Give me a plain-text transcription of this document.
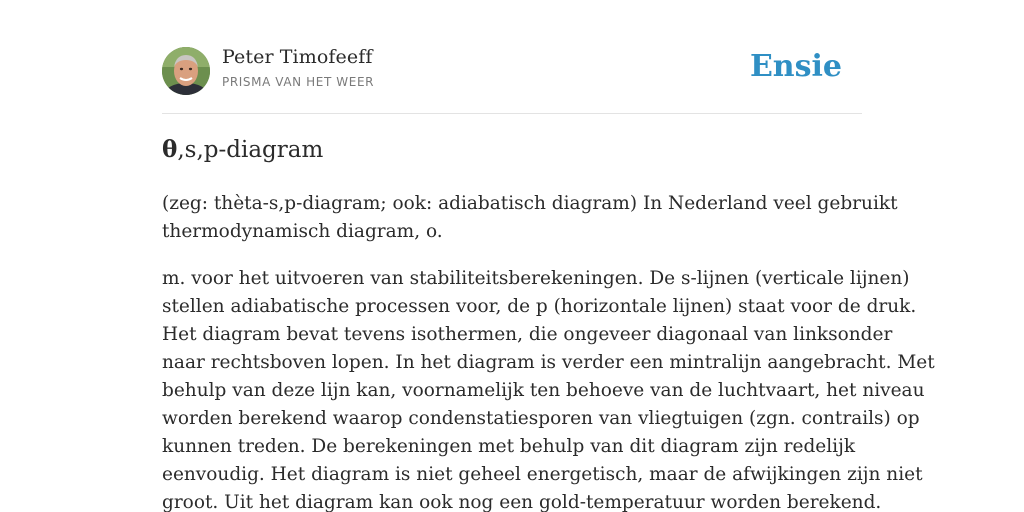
Peter Timofeeff
PRISMA VAN HET WEER	Ensie
θ,s,p-diagram

(zeg: thèta-s,p-diagram; ook: adiabatisch diagram) In Nederland veel gebruikt
thermodynamisch diagram, o.

m. voor het uitvoeren van stabiliteitsberekeningen. De s-lijnen (verticale lijnen)
stellen adiabatische processen voor, de p (horizontale lijnen) staat voor de druk.
Het diagram bevat tevens isothermen, die ongeveer diagonaal van linksonder
naar rechtsboven lopen. In het diagram is verder een mintralijn aangebracht. Met
behulp van deze lijn kan, voornamelijk ten behoeve van de luchtvaart, het niveau
worden berekend waarop condenstatiesporen van vliegtuigen (zgn. contrails) op
kunnen treden. De berekeningen met behulp van dit diagram zijn redelijk
eenvoudig. Het diagram is niet geheel energetisch, maar de afwijkingen zijn niet
groot. Uit het diagram kan ook nog een gold-temperatuur worden berekend.
